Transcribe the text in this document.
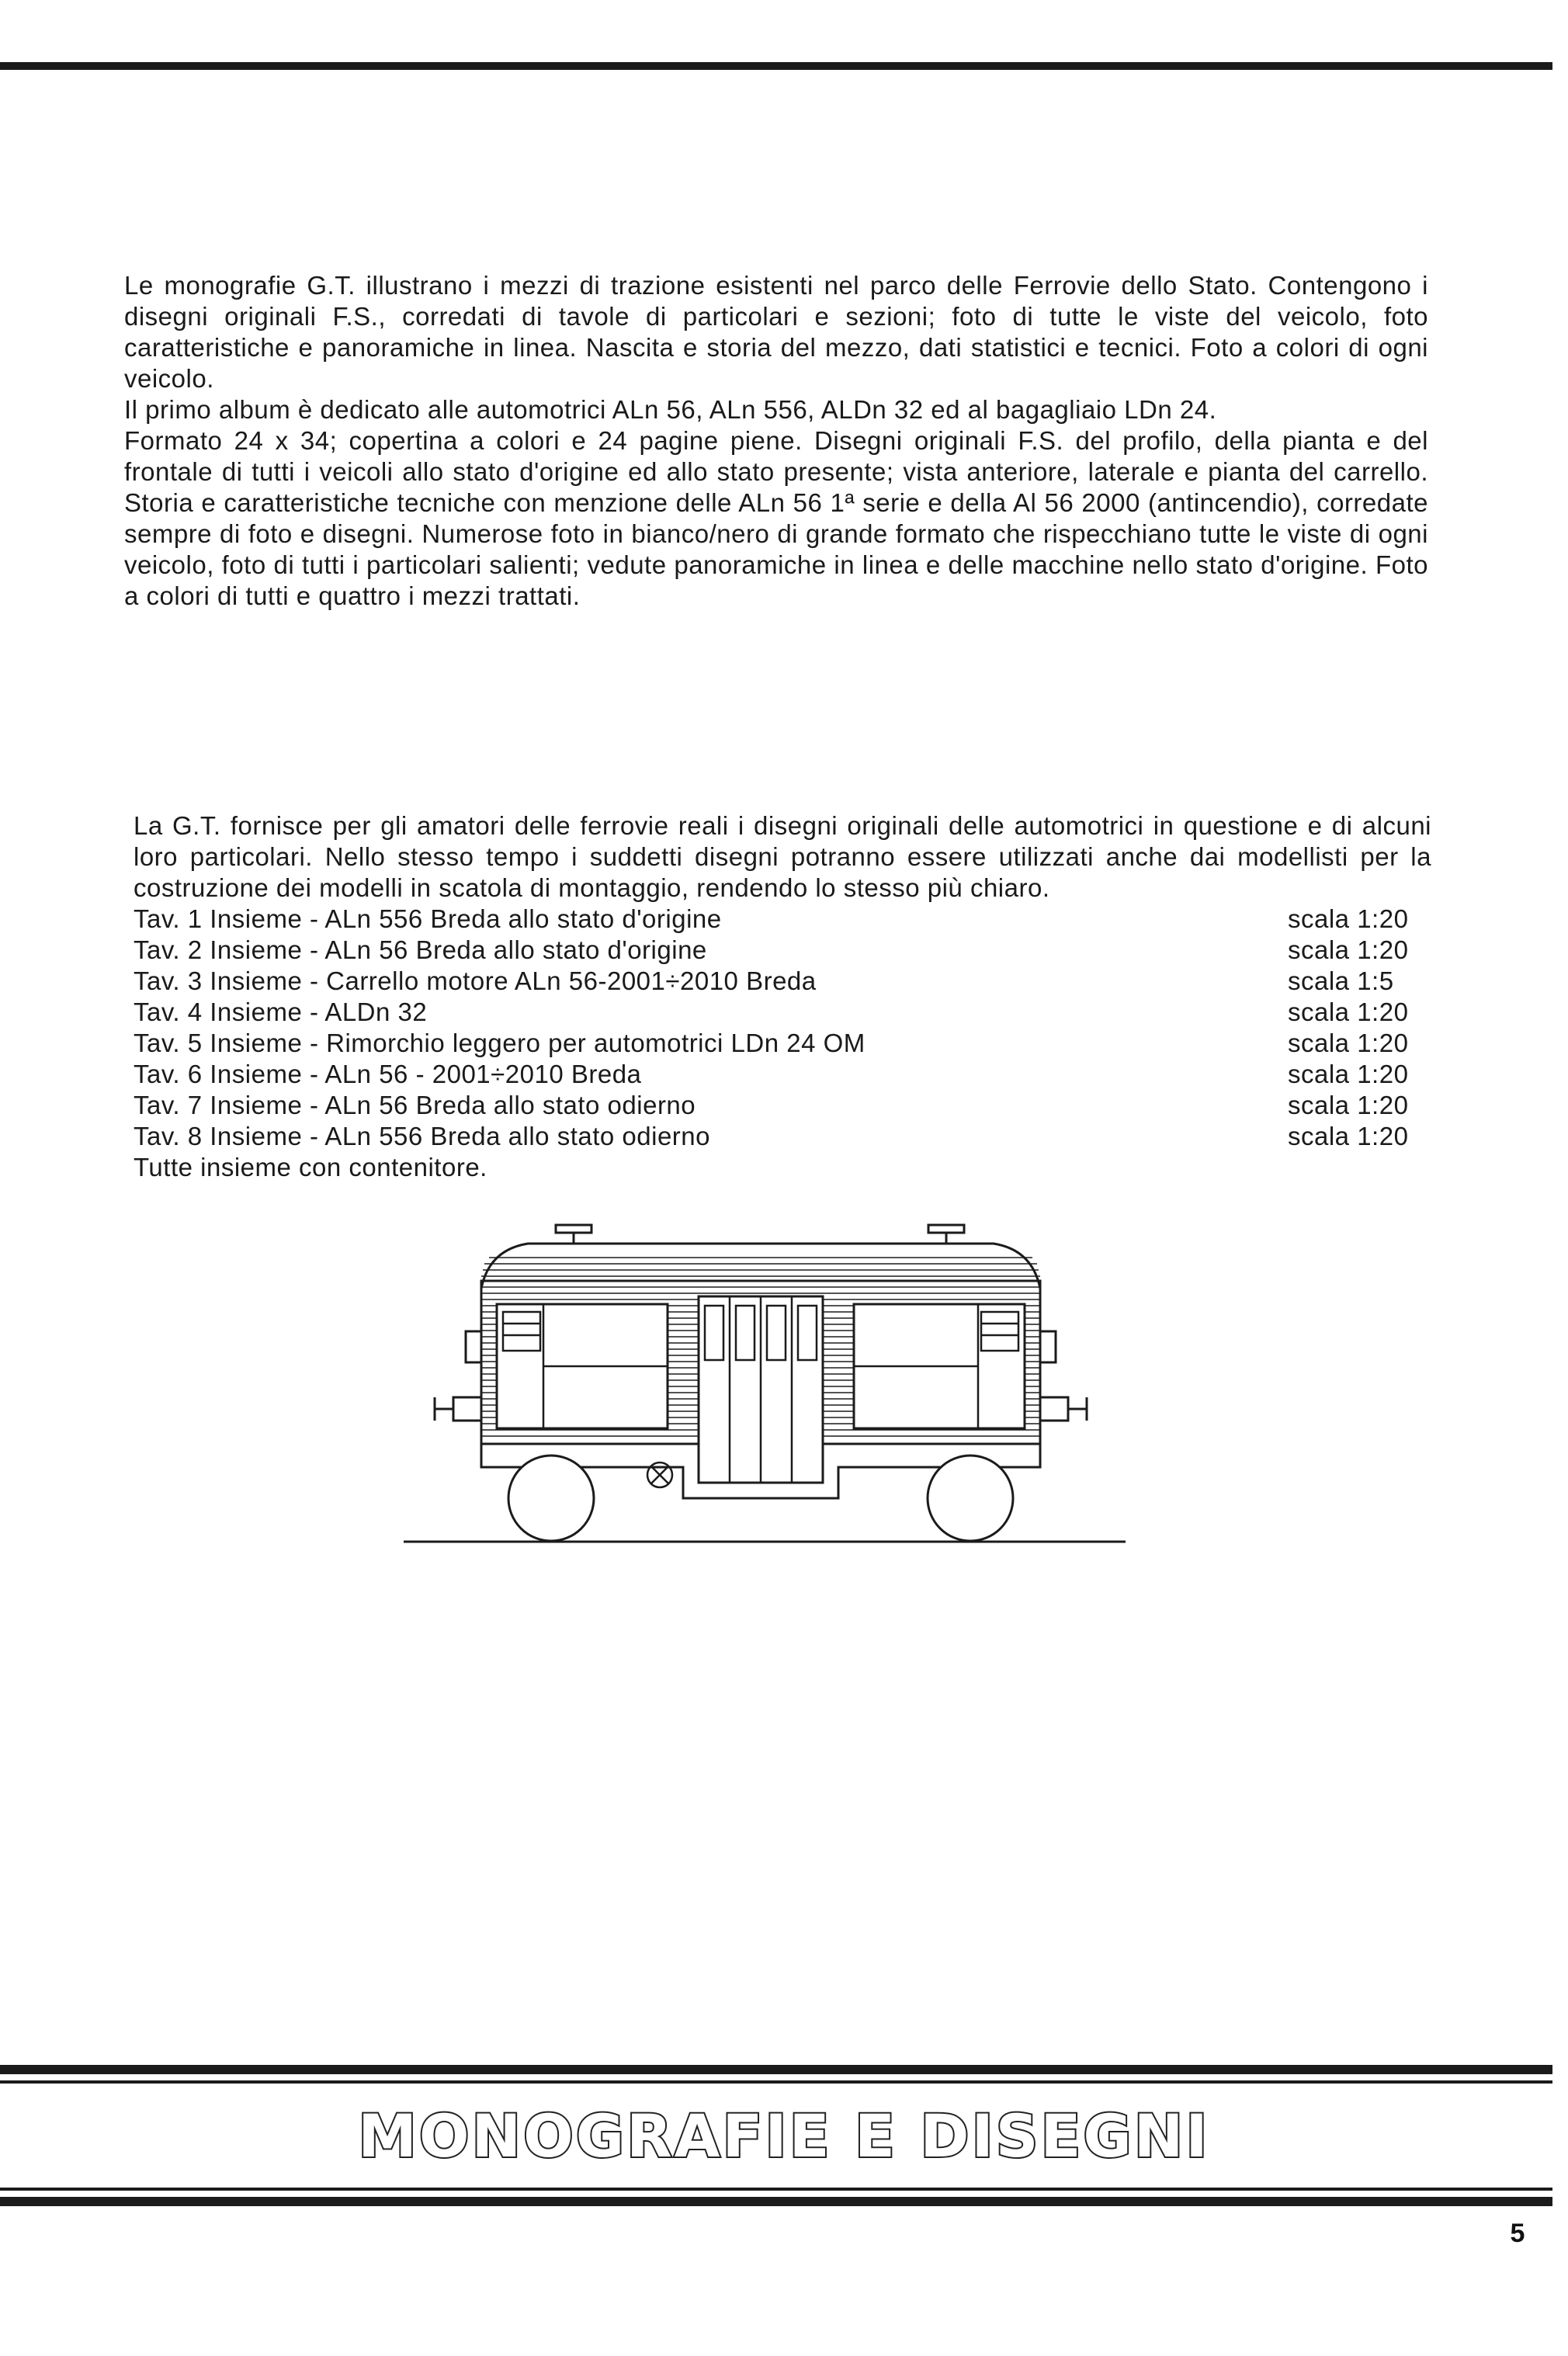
Le monografie G.T. illustrano i mezzi di trazione esistenti nel parco delle Ferrovie dello Stato. Contengono i disegni originali F.S., corredati di tavole di particolari e sezioni; foto di tutte le viste del veicolo, foto caratteristiche e panoramiche in linea. Nascita e storia del mezzo, dati statistici e tecnici. Foto a colori di ogni veicolo.

Il primo album è dedicato alle automotrici ALn 56, ALn 556, ALDn 32 ed al bagagliaio LDn 24.

Formato 24 x 34; copertina a colori e 24 pagine piene. Disegni originali F.S. del profilo, della pianta e del frontale di tutti i veicoli allo stato d'origine ed allo stato presente; vista anteriore, laterale e pianta del carrello. Storia e caratteristiche tecniche con menzione delle ALn 56 1ª serie e della Al 56 2000 (antincendio), corredate sempre di foto e disegni. Numerose foto in bianco/nero di grande formato che rispecchiano tutte le viste di ogni veicolo, foto di tutti i particolari salienti; vedute panoramiche in linea e delle macchine nello stato d'origine. Foto a colori di tutti e quattro i mezzi trattati.

La G.T. fornisce per gli amatori delle ferrovie reali i disegni originali delle automotrici in questione e di alcuni loro particolari. Nello stesso tempo i suddetti disegni potranno essere utilizzati anche dai modellisti per la costruzione dei modelli in scatola di montaggio, rendendo lo stesso più chiaro.

Tav. 1 Insieme - ALn 556 Breda allo stato d'origine	scala 1:20
Tav. 2 Insieme - ALn 56 Breda allo stato d'origine	scala 1:20
Tav. 3 Insieme - Carrello motore ALn 56-2001÷2010 Breda	scala 1:5
Tav. 4 Insieme - ALDn 32	scala 1:20
Tav. 5 Insieme - Rimorchio leggero per automotrici LDn 24 OM	scala 1:20
Tav. 6 Insieme - ALn 56 - 2001÷2010 Breda	scala 1:20
Tav. 7 Insieme - ALn 56 Breda allo stato odierno	scala 1:20
Tav. 8 Insieme - ALn 556 Breda allo stato odierno	scala 1:20

Tutte insieme con contenitore.

MONOGRAFIE E DISEGNI
5
